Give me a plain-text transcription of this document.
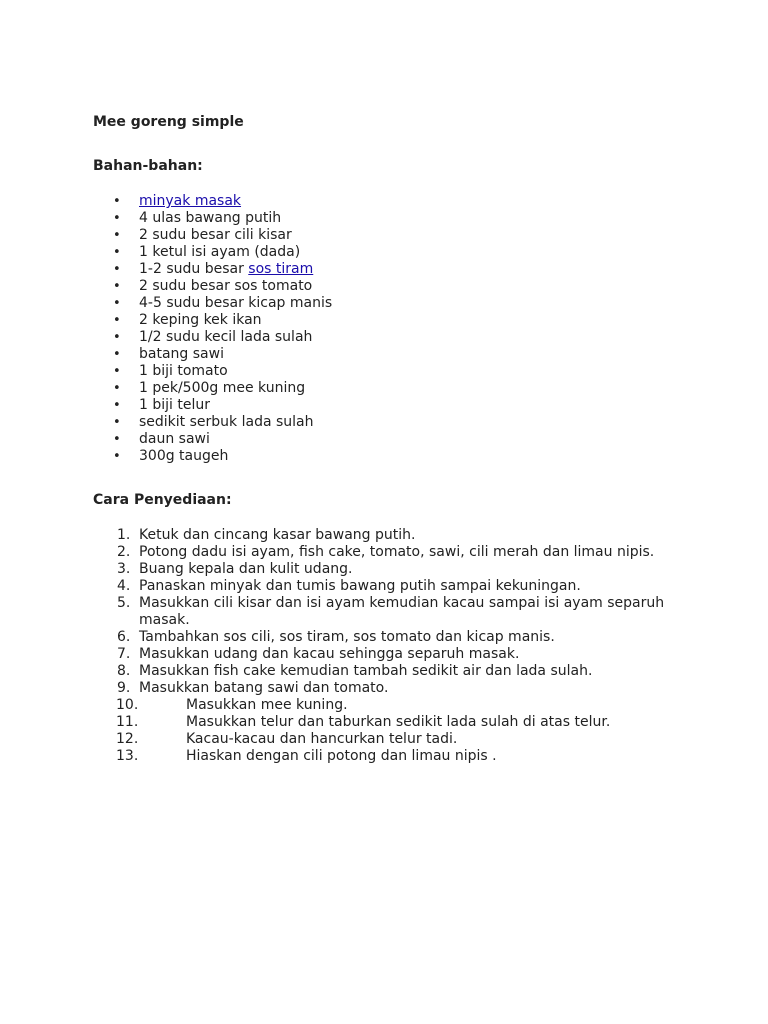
Mee goreng simple
Bahan-bahan:
• minyak masak
• 4 ulas bawang putih
• 2 sudu besar cili kisar
• 1 ketul isi ayam (dada)
• 1-2 sudu besar sos tiram
• 2 sudu besar sos tomato
• 4-5 sudu besar kicap manis
• 2 keping kek ikan
• 1/2 sudu kecil lada sulah
• batang sawi
• 1 biji tomato
• 1 pek/500g mee kuning
• 1 biji telur
• sedikit serbuk lada sulah
• daun sawi
• 300g taugeh
Cara Penyediaan:
1. Ketuk dan cincang kasar bawang putih.
2. Potong dadu isi ayam, fish cake, tomato, sawi, cili merah dan limau nipis.
3. Buang kepala dan kulit udang.
4. Panaskan minyak dan tumis bawang putih sampai kekuningan.
5. Masukkan cili kisar dan isi ayam kemudian kacau sampai isi ayam separuh masak.
6. Tambahkan sos cili, sos tiram, sos tomato dan kicap manis.
7. Masukkan udang dan kacau sehingga separuh masak.
8. Masukkan fish cake kemudian tambah sedikit air dan lada sulah.
9. Masukkan batang sawi dan tomato.
10.	Masukkan mee kuning.
11.	Masukkan telur dan taburkan sedikit lada sulah di atas telur.
12.	Kacau-kacau dan hancurkan telur tadi.
13.	Hiaskan dengan cili potong dan limau nipis .
